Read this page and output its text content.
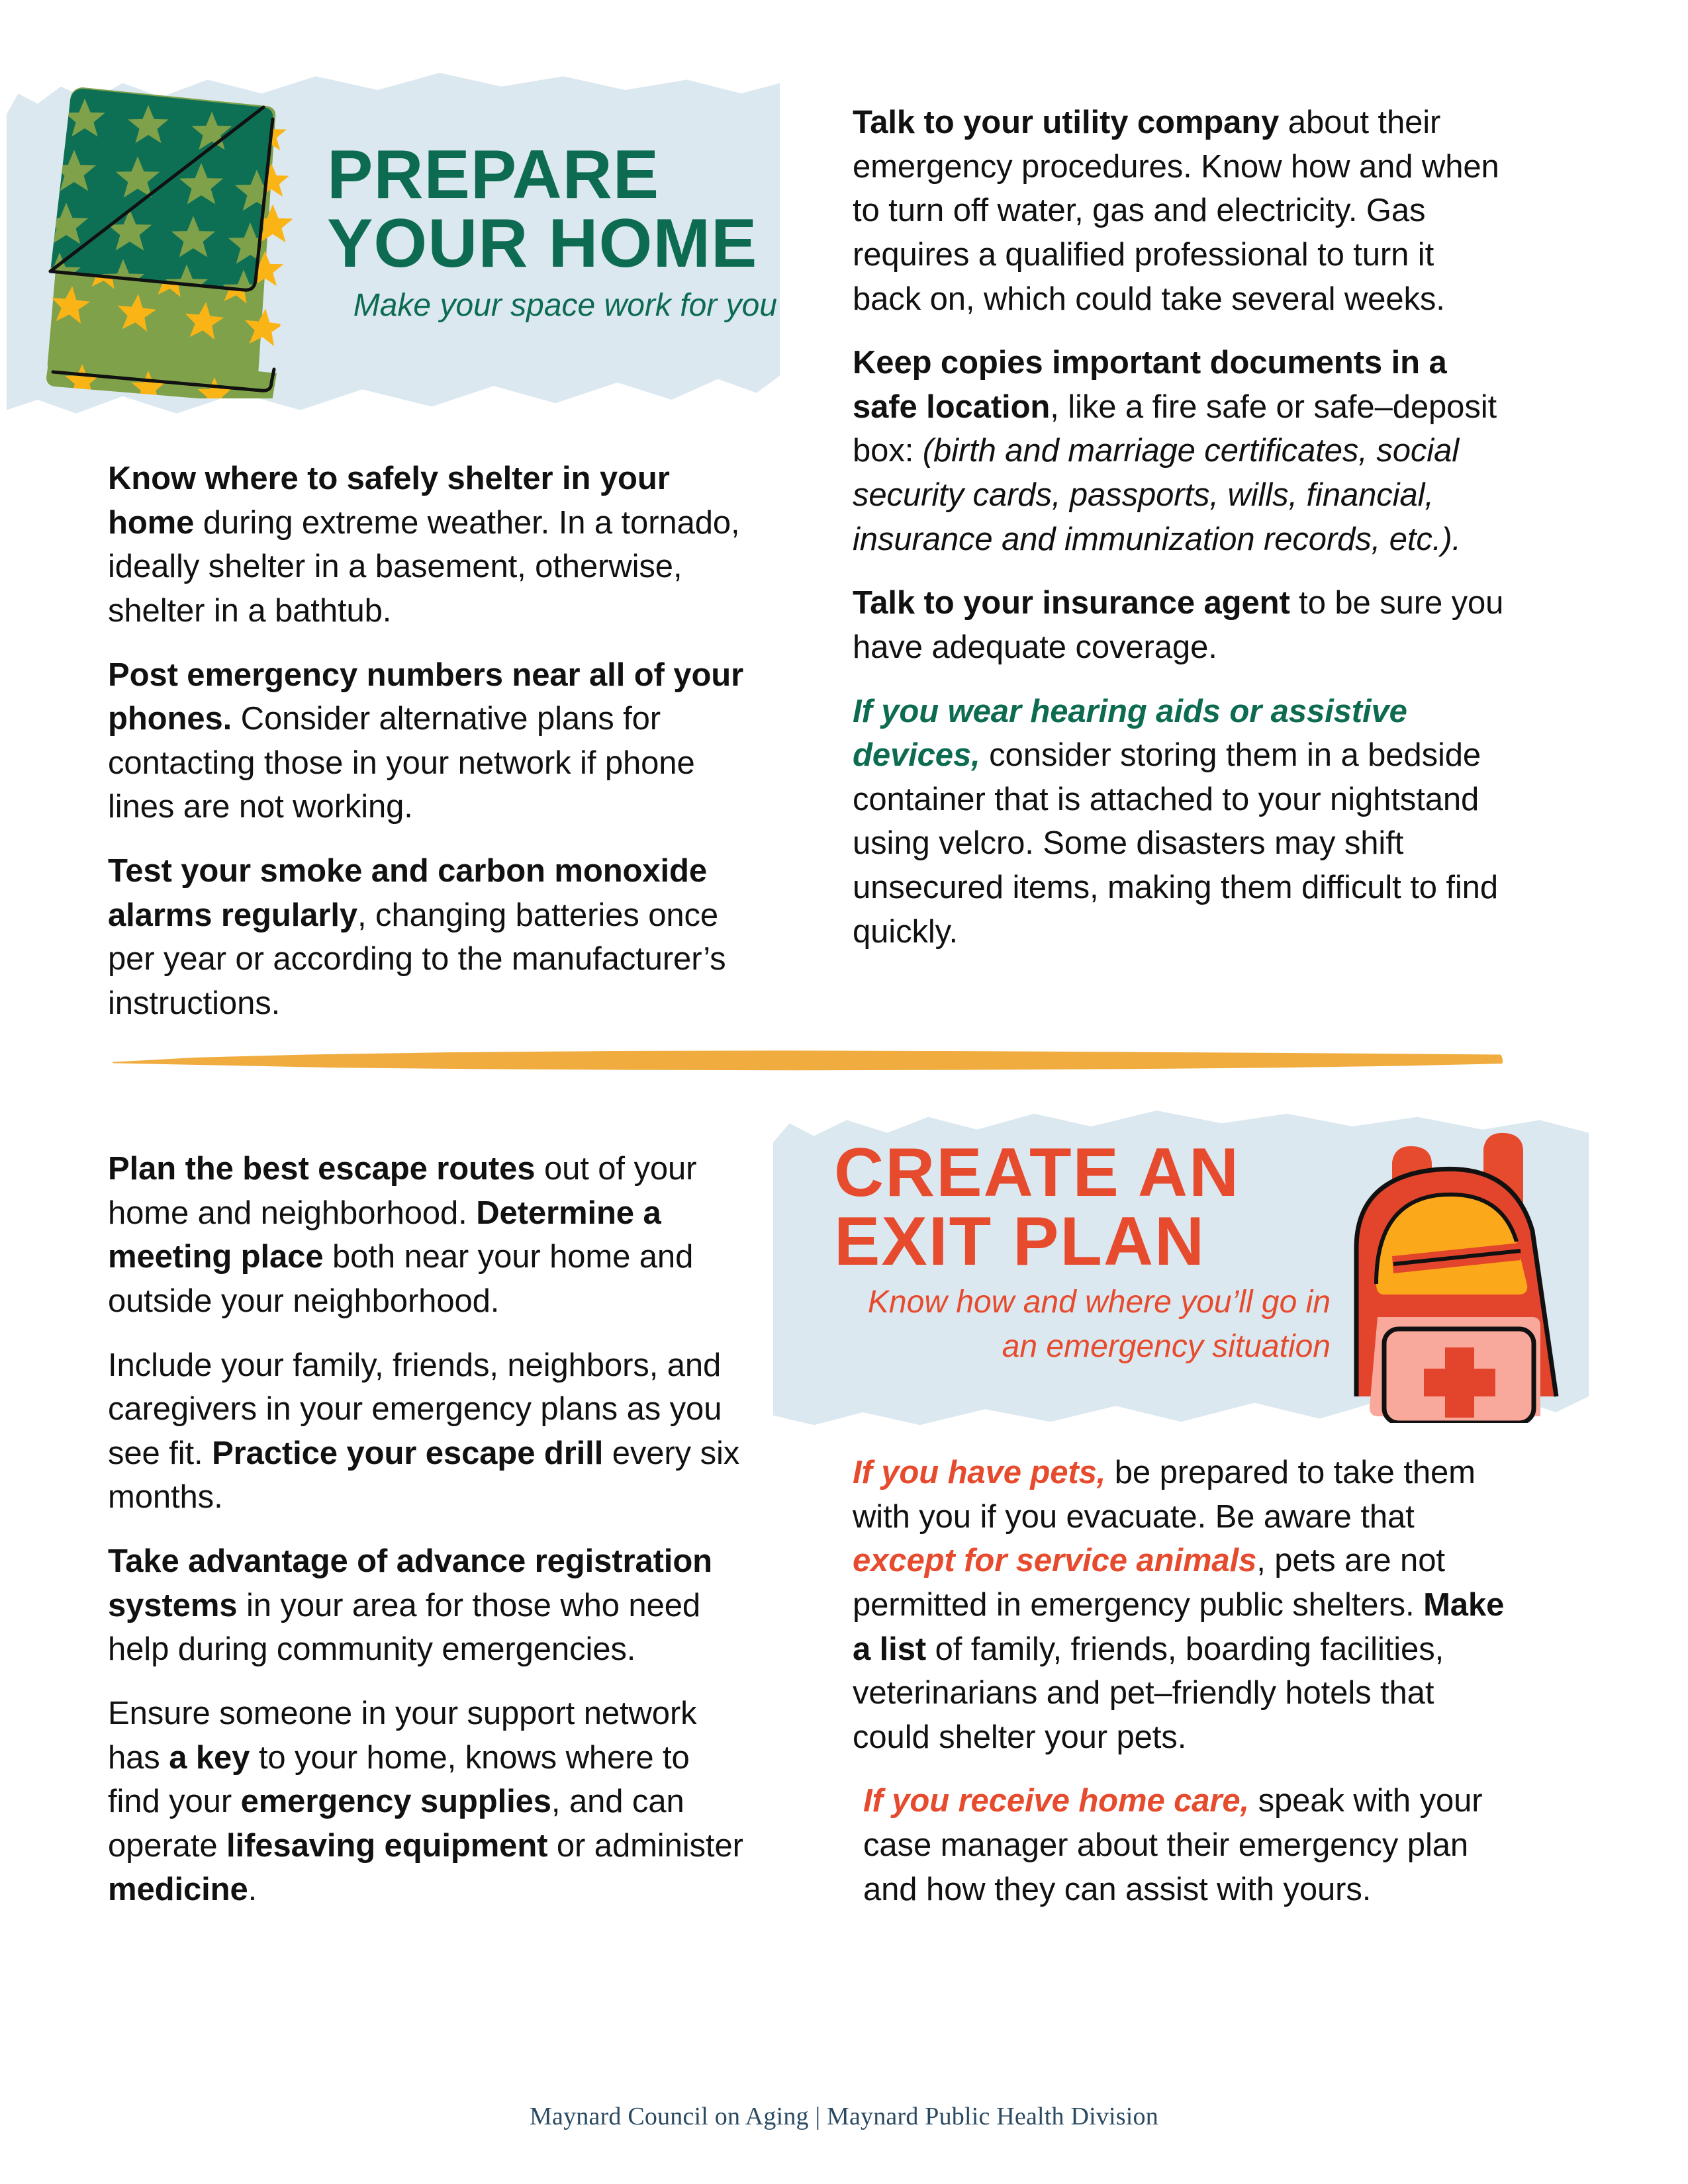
PREPARE
YOUR HOME

Make your space work for you

Know where to safely shelter in your home during extreme weather. In a tornado, ideally shelter in a basement, otherwise, shelter in a bathtub.

Post emergency numbers near all of your phones. Consider alternative plans for contacting those in your network if phone lines are not working.

Test your smoke and carbon monoxide alarms regularly, changing batteries once per year or according to the manufacturer’s instructions.

Talk to your utility company about their emergency procedures. Know how and when to turn off water, gas and electricity. Gas requires a qualified professional to turn it back on, which could take several weeks.

Keep copies important documents in a safe location, like a fire safe or safe–deposit box: (birth and marriage certificates, social security cards, passports, wills, financial, insurance and immunization records, etc.).

Talk to your insurance agent to be sure you have adequate coverage.

If you wear hearing aids or assistive devices, consider storing them in a bedside container that is attached to your nightstand using velcro. Some disasters may shift unsecured items, making them difficult to find quickly.

CREATE AN
EXIT PLAN

Know how and where you’ll go in

an emergency situation

Plan the best escape routes out of your home and neighborhood. Determine a meeting place both near your home and outside your neighborhood.

Include your family, friends, neighbors, and caregivers in your emergency plans as you see fit. Practice your escape drill every six months.

Take advantage of advance registration systems in your area for those who need help during community emergencies.

Ensure someone in your support network has a key to your home, knows where to find your emergency supplies, and can operate lifesaving equipment or administer medicine.

If you have pets, be prepared to take them with you if you evacuate. Be aware that except for service animals, pets are not permitted in emergency public shelters. Make a list of family, friends, boarding facilities, veterinarians and pet–friendly hotels that could shelter your pets.

If you receive home care, speak with your case manager about their emergency plan and how they can assist with yours.

Maynard Council on Aging | Maynard Public Health Division
